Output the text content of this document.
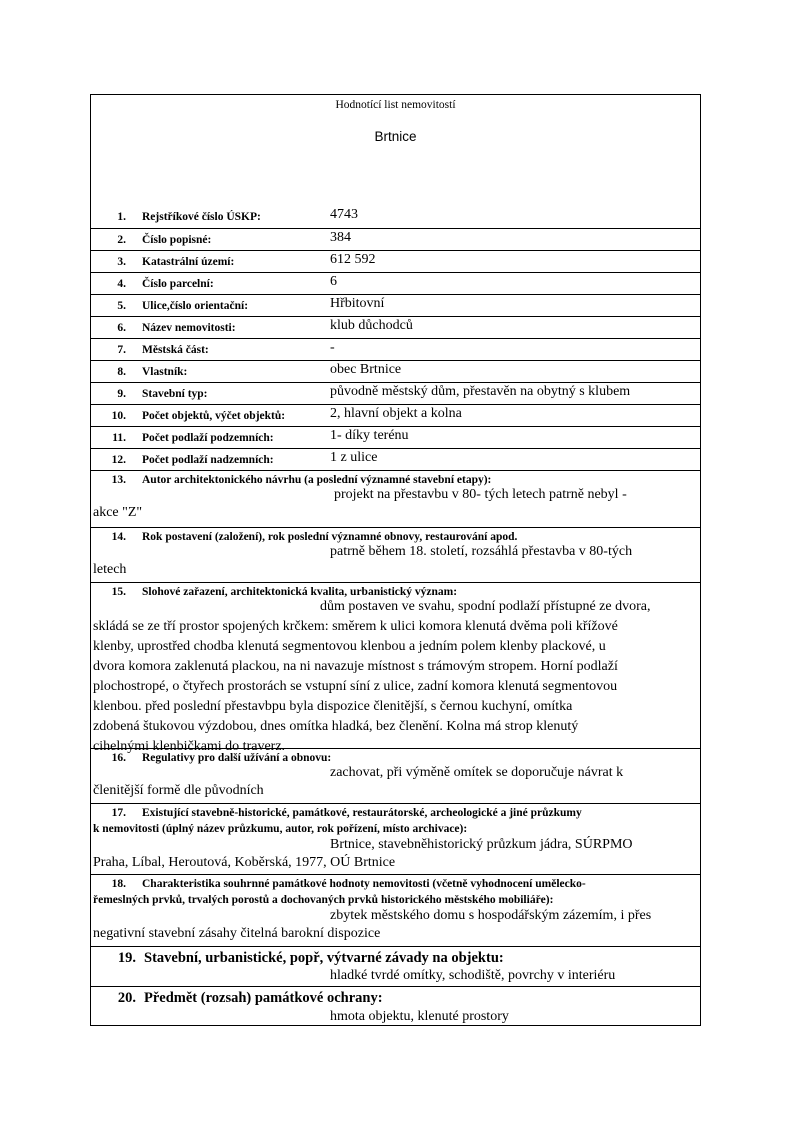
Hodnotící list nemovitostí
Brtnice
1. Rejstříkové číslo ÚSKP:	4743
2. Číslo popisné:	384
3. Katastrální území:	612 592
4. Číslo parcelní:	6
5. Ulice,číslo orientační:	Hřbitovní
6. Název nemovitosti:	klub důchodců
7. Městská část:	-
8. Vlastník:	obec Brtnice
9. Stavební typ:	původně městský dům, přestavěn na obytný s klubem
10. Počet objektů, výčet objektů:	2, hlavní objekt a kolna
11. Počet podlaží podzemních:	1- díky terénu
12. Počet podlaží nadzemních:	1 z ulice
13. Autor architektonického návrhu (a poslední významné stavební etapy):
projekt na přestavbu v 80- tých letech patrně nebyl -
akce "Z"
14. Rok postavení (založení), rok poslední významné obnovy, restaurování apod.
patrně během 18. století, rozsáhlá přestavba v 80-tých
letech
15. Slohové zařazení, architektonická kvalita, urbanistický význam:
dům postaven ve svahu, spodní podlaží přístupné ze dvora,
skládá se ze tří prostor spojených krčkem: směrem k ulici komora klenutá dvěma poli křížové
klenby, uprostřed chodba klenutá segmentovou klenbou a jedním polem klenby plackové, u
dvora komora zaklenutá plackou, na ni navazuje místnost s trámovým stropem. Horní podlaží
plochostropé, o čtyřech prostorách se vstupní síní z ulice, zadní komora klenutá segmentovou
klenbou. před poslední přestavbpu byla dispozice členitější, s černou kuchyní, omítka
zdobená štukovou výzdobou, dnes omítka hladká, bez členění. Kolna má strop klenutý
cihelnými klenbičkami do traverz.
16. Regulativy pro další užívání a obnovu:
zachovat, při výměně omítek se doporučuje návrat k
členitější formě dle původních
17. Existující stavebně-historické, památkové, restaurátorské, archeologické a jiné průzkumy
k nemovitosti (úplný název průzkumu, autor, rok pořízení, místo archivace):
Brtnice, stavebněhistorický průzkum jádra, SÚRPMO
Praha, Líbal, Heroutová, Koběrská, 1977, OÚ Brtnice
18. Charakteristika souhrnné památkové hodnoty nemovitosti (včetně vyhodnocení umělecko-
řemeslných prvků, trvalých porostů a dochovaných prvků historického městského mobiliáře):
zbytek městského domu s hospodářským zázemím, i přes
negativní stavební zásahy čitelná barokní dispozice
19. Stavební, urbanistické, popř, výtvarné závady na objektu:
hladké tvrdé omítky, schodiště, povrchy v interiéru
20. Předmět (rozsah) památkové ochrany:
hmota objektu, klenuté prostory
